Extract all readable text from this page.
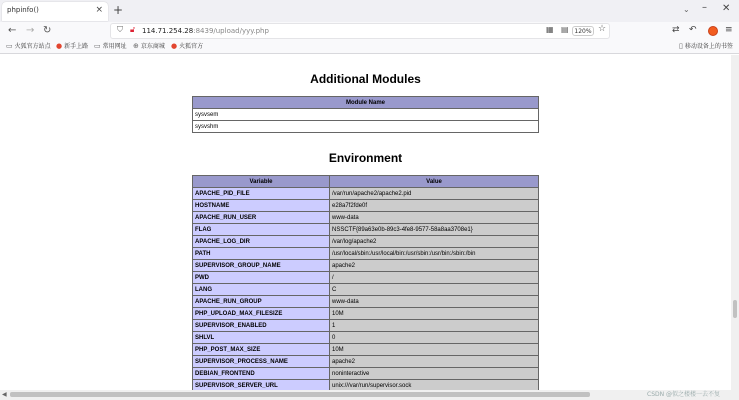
phpinfo()	× +	⌄ – ✕
← → ↻	⛉ 🔓︎ 114.71.254.28:8439/upload/yyy.php	▦ ▤ 120% ☆	⇄ ↶	≡
▭ 火狐官方站点 ● 新手上路 ▭ 常用网址 ⊕ 京东商城 ● 火狐官方	▯ 移动设备上的书签
Additional Modules
Module Name
sysvsem
sysvshm
Environment
Variable	Value
APACHE_PID_FILE	/var/run/apache2/apache2.pid
HOSTNAME	e28a7f2fde0f
APACHE_RUN_USER	www-data
FLAG	NSSCTF{89a63e0b-89c3-4fe8-9577-58a8aa3708e1}
APACHE_LOG_DIR	/var/log/apache2
PATH	/usr/local/sbin:/usr/local/bin:/usr/sbin:/usr/bin:/sbin:/bin
SUPERVISOR_GROUP_NAME	apache2
PWD	/
LANG	C
APACHE_RUN_GROUP	www-data
PHP_UPLOAD_MAX_FILESIZE	10M
SUPERVISOR_ENABLED	1
SHLVL	0
PHP_POST_MAX_SIZE	10M
SUPERVISOR_PROCESS_NAME	apache2
DEBIAN_FRONTEND	noninteractive
SUPERVISOR_SERVER_URL	unix:///var/run/supervisor.sock
◀	CSDN @似之楼楼一去不复
